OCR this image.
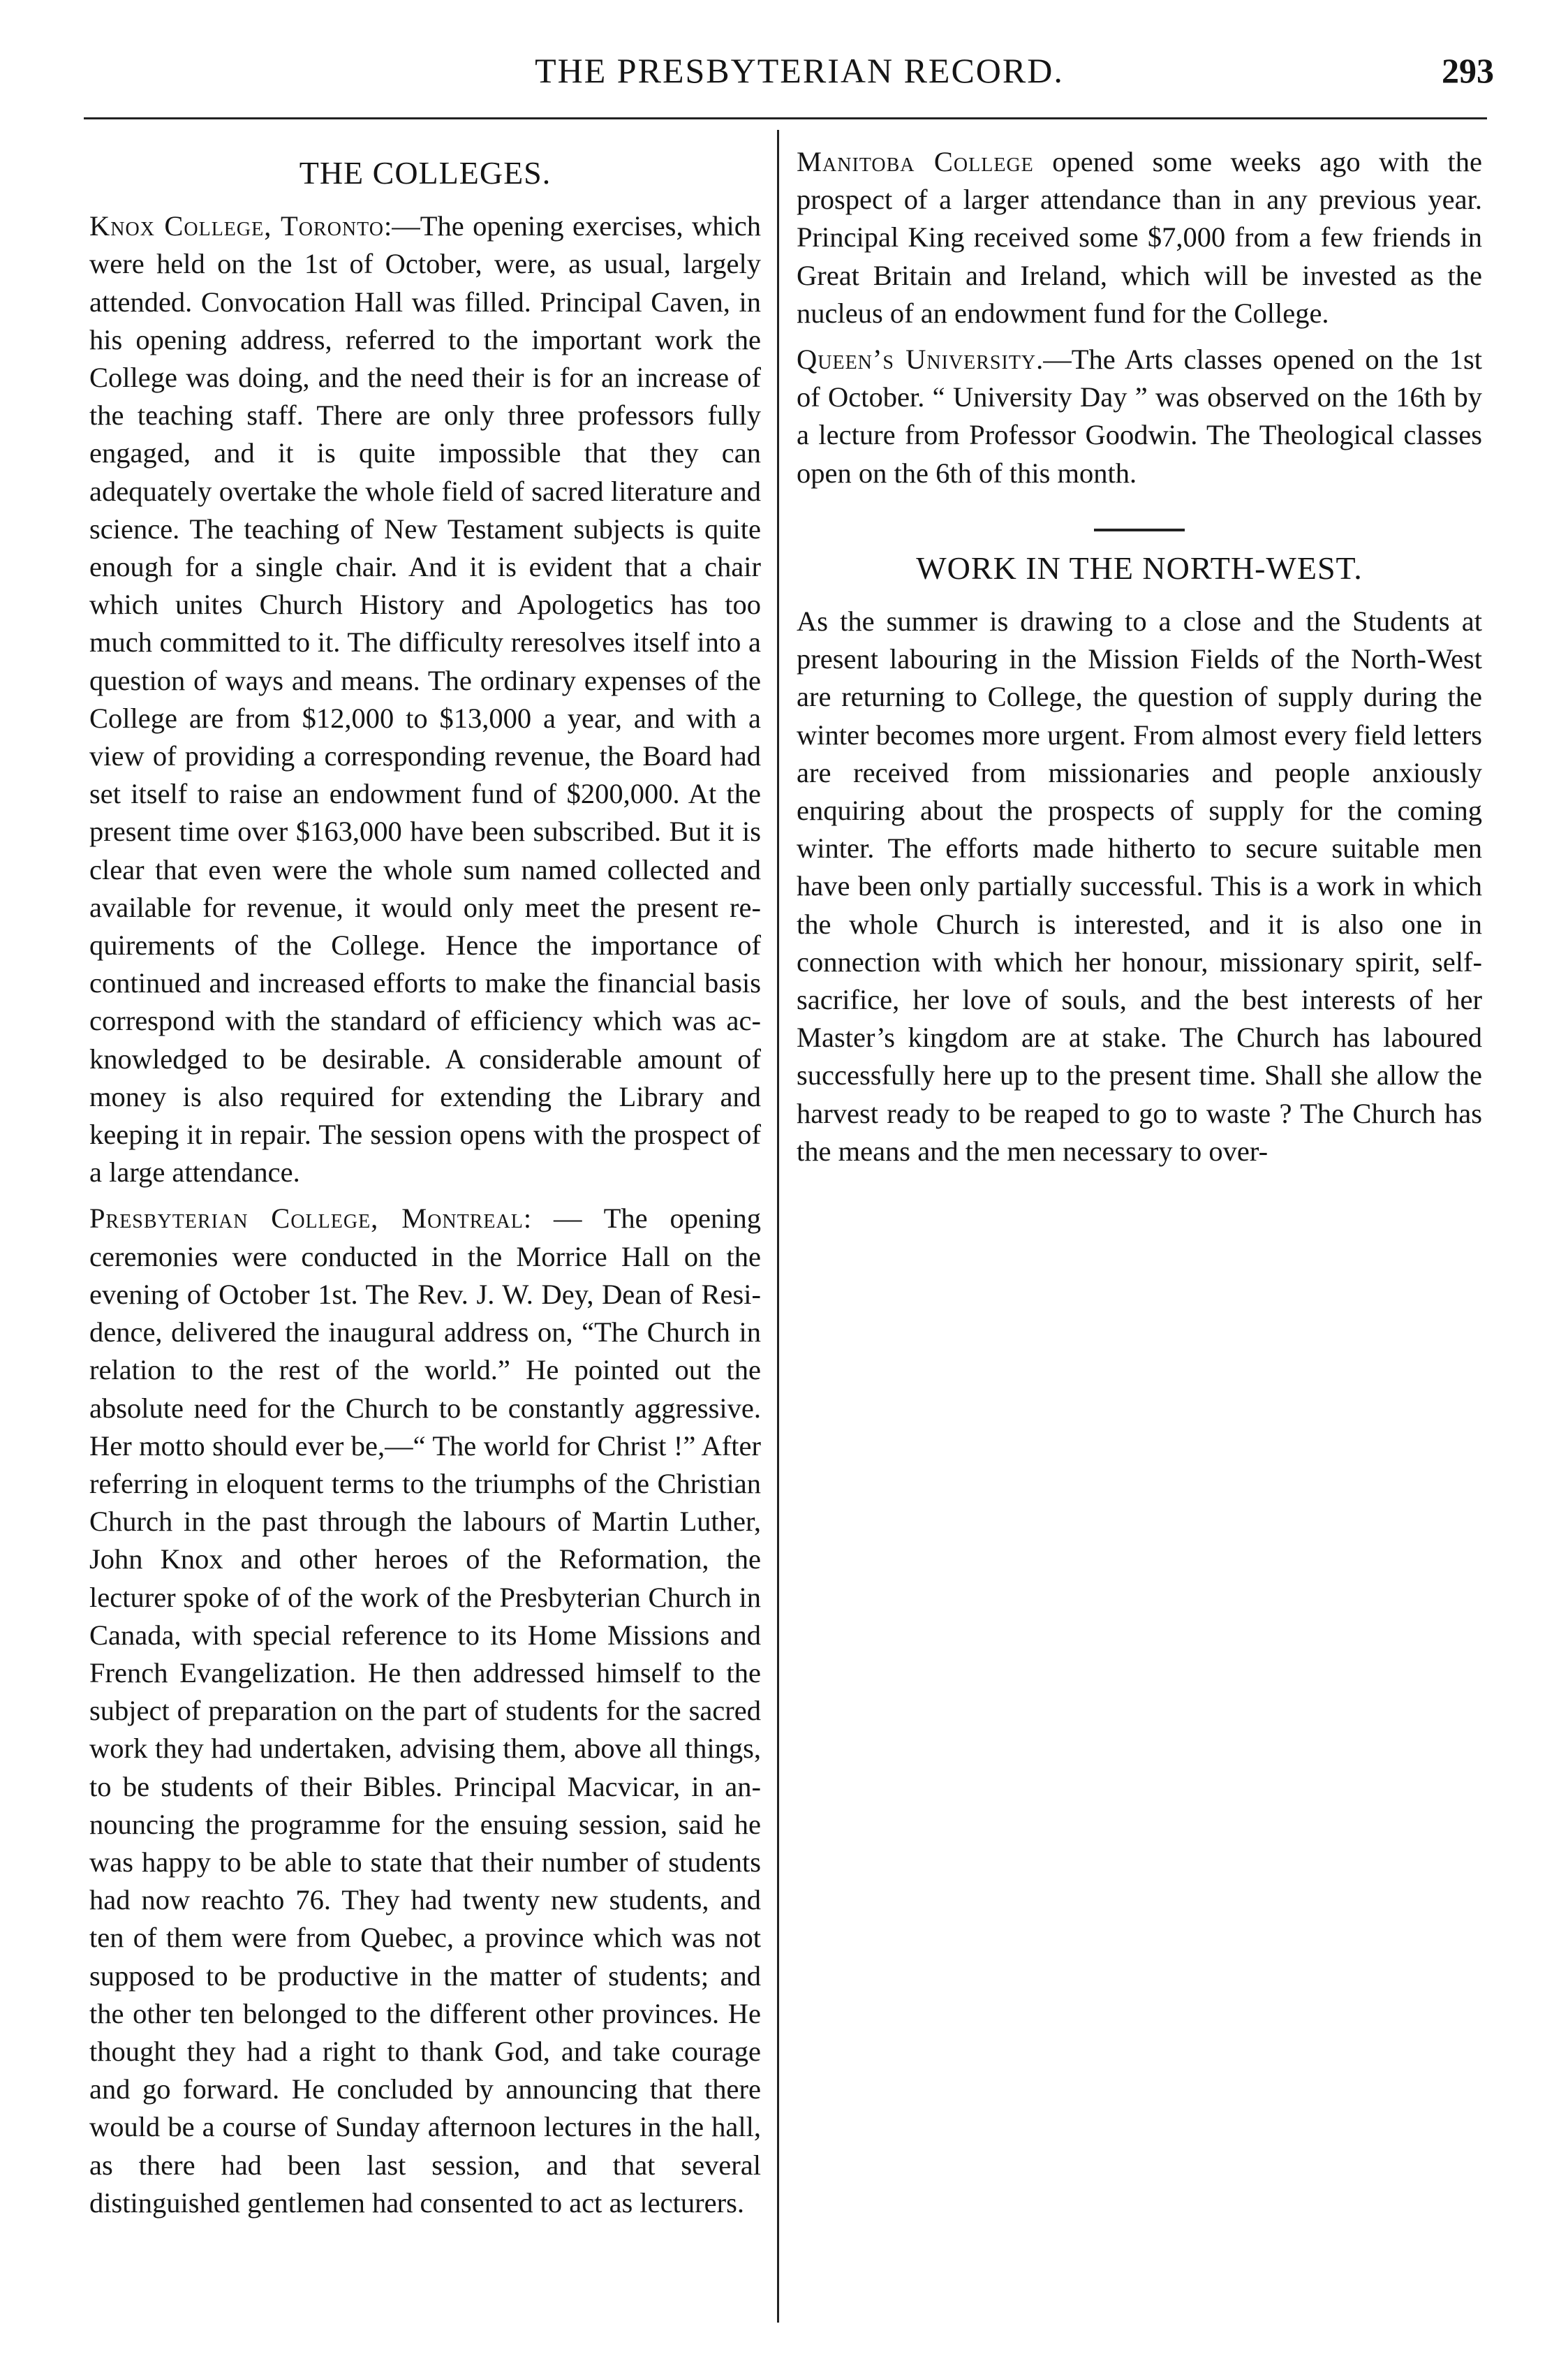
THE PRESBYTERIAN RECORD.	293
THE COLLEGES.

Knox College, Toronto:—The opening exercises, which were held on the 1st of October, were, as usual, largely attended. Convocation Hall was filled. Principal Caven, in his opening address, referred to the important work the College was doing, and the need their is for an increase of the teaching staff. There are only three professors fully engaged, and it is quite impossible that they can adequately overtake the whole field of sacred literature and science. The teaching of New Testament subjects is quite enough for a single chair. And it is evident that a chair which unites Church History and Apologetics has too much committed to it. The difficulty reresolves itself into a question of ways and means. The ordinary expenses of the College are from $12,000 to $13,000 a year, and with a view of providing a corresponding revenue, the Board had set itself to raise an endowment fund of $200,000. At the present time over $163,000 have been subscribed. But it is clear that even were the whole sum named collected and available for revenue, it would only meet the present requirements of the College. Hence the importance of continued and increased efforts to make the financial basis correspond with the standard of efficiency which was acknowledged to be desirable. A considerable amount of money is also required for extending the Library and keeping it in repair. The session opens with the prospect of a large attendance.

Presbyterian College, Montreal: — The opening ceremonies were conducted in the Morrice Hall on the evening of October 1st. The Rev. J. W. Dey, Dean of Residence, delivered the inaugural address on, “The Church in relation to the rest of the world.” He pointed out the absolute need for the Church to be constantly aggressive. Her motto should ever be,—“ The world for Christ !” After referring in eloquent terms to the triumphs of the Christian Church in the past through the labours of Martin Luther, John Knox and other heroes of the Reformation, the lecturer spoke of of the work of the Presbyterian Church in Canada, with special reference to its Home Missions and French Evangelization. He then addressed himself to the subject of preparation on the part of students for the sacred work they had undertaken, advising them, above all things, to be students of their Bibles. Principal Macvicar, in announcing the programme for the ensuing session, said he was happy to be able to state that their number of students had now reachto 76. They had twenty new students, and ten of them were from Quebec, a province which was not supposed to be productive in the matter of students; and the other ten belonged to the different other provinces. He thought they had a right to thank God, and take courage and go forward. He concluded by announcing that there would be a course of Sunday afternoon lectures in the hall, as there had been last session, and that several distinguished gentlemen had consented to act as lecturers.

Manitoba College opened some weeks ago with the prospect of a larger attendance than in any previous year. Principal King received some $7,000 from a few friends in Great Britain and Ireland, which will be invested as the nucleus of an endowment fund for the College.

Queen’s University.—The Arts classes opened on the 1st of October. “ University Day ” was observed on the 16th by a lecture from Professor Goodwin. The Theological classes open on the 6th of this month.

WORK IN THE NORTH-WEST.

As the summer is drawing to a close and the Students at present labouring in the Mission Fields of the North-West are returning to College, the question of supply during the winter becomes more urgent. From almost every field letters are received from missionaries and people anxiously enquiring about the prospects of supply for the coming winter. The efforts made hitherto to secure suitable men have been only partially successful. This is a work in which the whole Church is interested, and it is also one in connection with which her honour, missionary spirit, self-sacrifice, her love of souls, and the best interests of her Master’s kingdom are at stake. The Church has laboured successfully here up to the present time. Shall she allow the harvest ready to be reaped to go to waste ? The Church has the means and the men necessary to over-
